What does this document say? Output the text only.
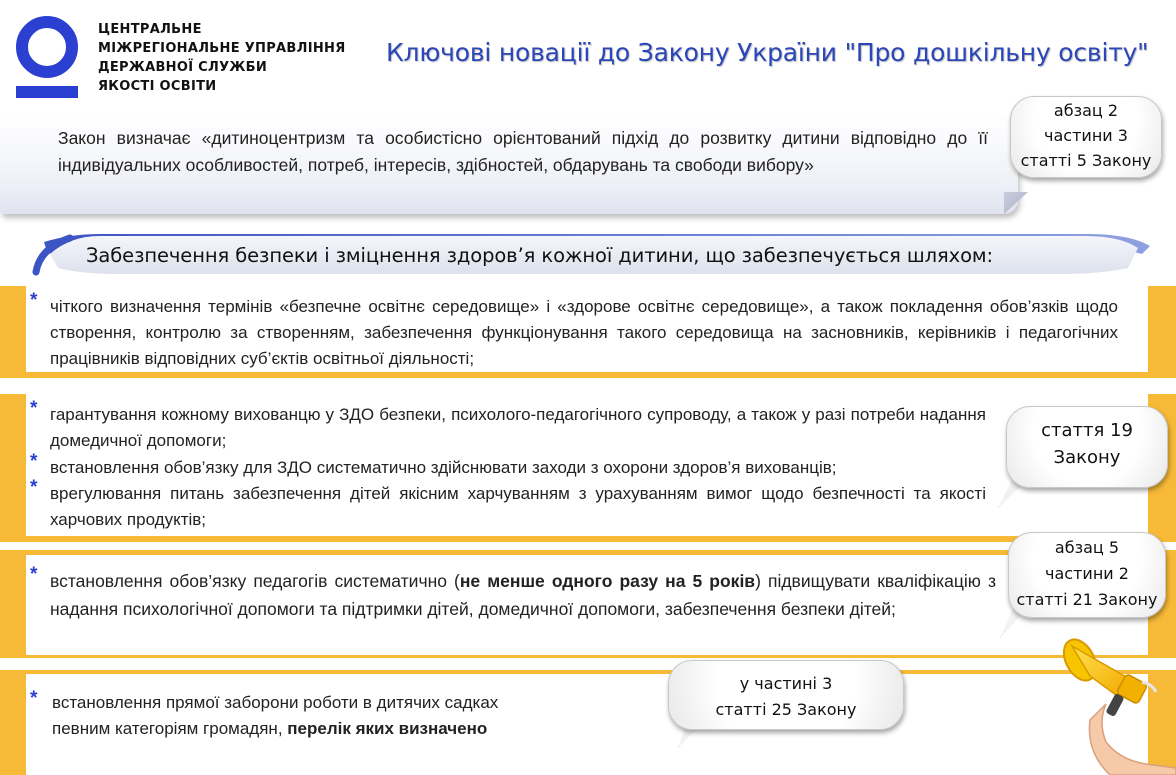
ЦЕНТРАЛЬНЕ
МІЖРЕГІОНАЛЬНЕ УПРАВЛІННЯ
ДЕРЖАВНОЇ СЛУЖБИ
ЯКОСТІ ОСВІТИ
Ключові новації до Закону України "Про дошкільну освіту"
Закон визначає «дитиноцентризм та особистісно орієнтований підхід до розвитку дитини відповідно до її індивідуальних особливостей, потреб, інтересів, здібностей, обдарувань та свободи вибору»
Забезпечення безпеки і зміцнення здоров’я кожної дитини, що забезпечується шляхом:
* чіткого визначення термінів «безпечне освітнє середовище» і «здорове освітнє середовище», а також покладення обов’язків щодо створення, контролю за створенням, забезпечення функціонування такого середовища на засновників, керівників і педагогічних працівників відповідних суб’єктів освітньої діяльності;
* гарантування кожному вихованцю у ЗДО безпеки, психолого-педагогічного супроводу, а також у разі потреби надання домедичної допомоги;
* встановлення обов’язку для ЗДО систематично здійснювати заходи з охорони здоров’я вихованців;
* врегулювання питань забезпечення дітей якісним харчуванням з урахуванням вимог щодо безпечності та якості харчових продуктів;
* встановлення обов’язку педагогів систематично (не менше одного разу на 5 років) підвищувати кваліфікацію з надання психологічної допомоги та підтримки дітей, домедичної допомоги, забезпечення безпеки дітей;
* встановлення прямої заборони роботи в дитячих садках
певним категоріям громадян, перелік яких визначено
абзац 2
частини 3
статті 5 Закону
стаття 19
Закону
абзац 5
частини 2
статті 21 Закону
у частині 3
статті 25 Закону
